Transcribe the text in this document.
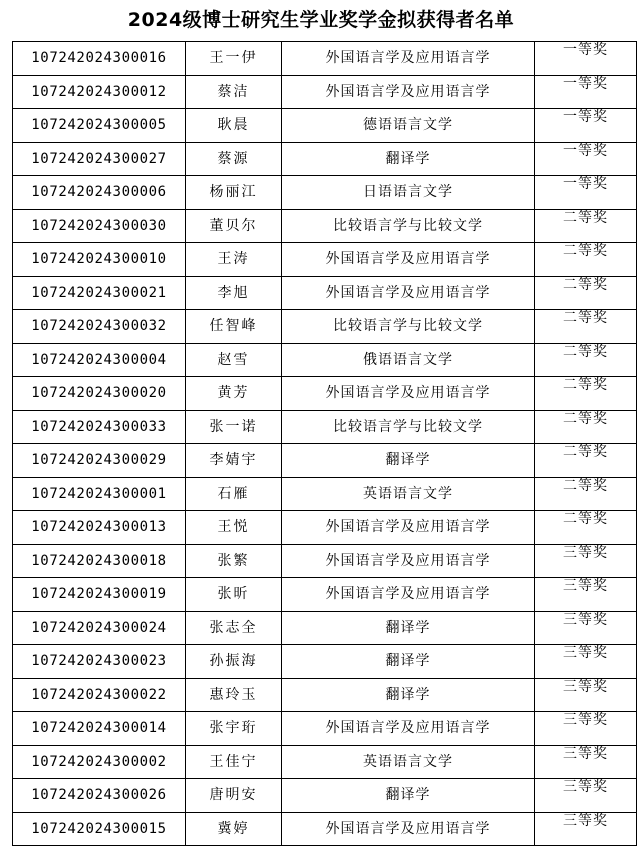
2024级博士研究生学业奖学金拟获得者名单
107242024300016	王一伊	外国语言学及应用语言学	一等奖
107242024300012	蔡洁	外国语言学及应用语言学	一等奖
107242024300005	耿晨	德语语言文学	一等奖
107242024300027	蔡源	翻译学	一等奖
107242024300006	杨丽江	日语语言文学	一等奖
107242024300030	董贝尔	比较语言学与比较文学	二等奖
107242024300010	王涛	外国语言学及应用语言学	二等奖
107242024300021	李旭	外国语言学及应用语言学	二等奖
107242024300032	任智峰	比较语言学与比较文学	二等奖
107242024300004	赵雪	俄语语言文学	二等奖
107242024300020	黄芳	外国语言学及应用语言学	二等奖
107242024300033	张一诺	比较语言学与比较文学	二等奖
107242024300029	李婧宇	翻译学	二等奖
107242024300001	石雁	英语语言文学	二等奖
107242024300013	王悦	外国语言学及应用语言学	二等奖
107242024300018	张繁	外国语言学及应用语言学	三等奖
107242024300019	张昕	外国语言学及应用语言学	三等奖
107242024300024	张志全	翻译学	三等奖
107242024300023	孙振海	翻译学	三等奖
107242024300022	惠玲玉	翻译学	三等奖
107242024300014	张宇珩	外国语言学及应用语言学	三等奖
107242024300002	王佳宁	英语语言文学	三等奖
107242024300026	唐明安	翻译学	三等奖
107242024300015	冀婷	外国语言学及应用语言学	三等奖
